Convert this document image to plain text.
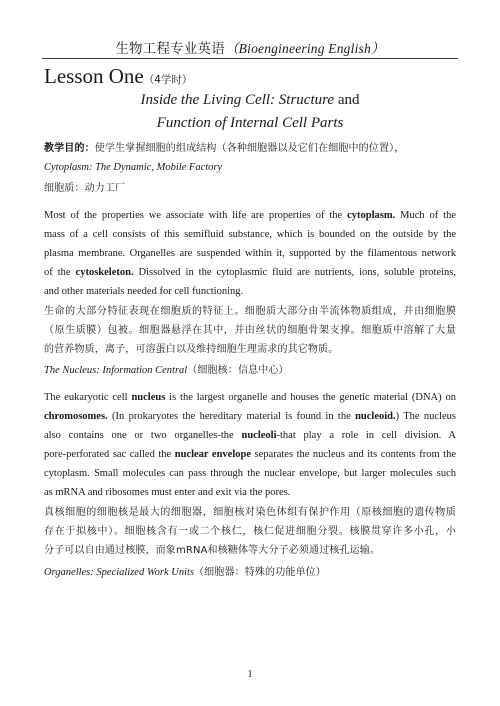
生物工程专业英语（Bioengineering English）
Lesson One（4学时）
Inside the Living Cell: Structure and
Function of Internal Cell Parts
教学目的：使学生掌握细胞的组成结构（各种细胞器以及它们在细胞中的位置），
Cytoplasm: The Dynamic, Mobile Factory
细胞质：动力工厂
Most of the properties we associate with life are properties of the cytoplasm. Much of the
mass of a cell consists of this semifluid substance, which is bounded on the outside by the
plasma membrane. Organelles are suspended within it, supported by the filamentous network
of the cytoskeleton. Dissolved in the cytoplasmic fluid are nutrients, ions, soluble proteins,
and other materials needed for cell functioning.
生命的大部分特征表现在细胞质的特征上。细胞质大部分由半流体物质组成，并由细胞膜
（原生质膜）包被。细胞器悬浮在其中，并由丝状的细胞骨架支撑。细胞质中溶解了大量
的营养物质，离子，可溶蛋白以及维持细胞生理需求的其它物质。
The Nucleus: Information Central（细胞核：信息中心）
The eukaryotic cell nucleus is the largest organelle and houses the genetic material (DNA) on
chromosomes. (In prokaryotes the hereditary material is found in the nucleoid.) The nucleus
also contains one or two organelles-the nucleoli-that play a role in cell division. A
pore-perforated sac called the nuclear envelope separates the nucleus and its contents from the
cytoplasm. Small molecules can pass through the nuclear envelope, but larger molecules such
as mRNA and ribosomes must enter and exit via the pores.
真核细胞的细胞核是最大的细胞器，细胞核对染色体组有保护作用（原核细胞的遗传物质
存在于拟核中）。细胞核含有一或二个核仁，核仁促进细胞分裂。核膜贯穿许多小孔，小
分子可以自由通过核膜，而象mRNA和核糖体等大分子必须通过核孔运输。
Organelles: Specialized Work Units（细胞器：特殊的功能单位）
1
